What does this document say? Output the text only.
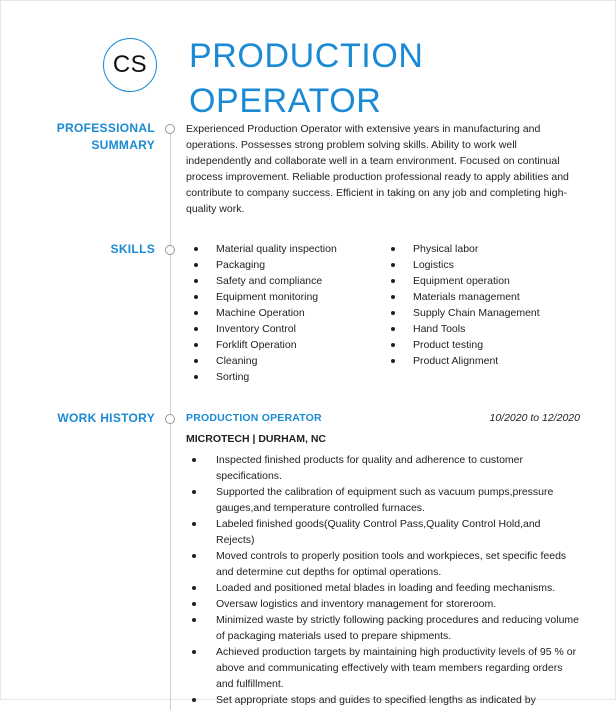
CS PRODUCTION
OPERATOR
PROFESSIONAL
SUMMARY
Experienced Production Operator with extensive years in manufacturing and operations. Possesses strong problem solving skills. Ability to work well independently and collaborate well in a team environment. Focused on continual process improvement. Reliable production professional ready to apply abilities and contribute to company success. Efficient in taking on any job and completing high-quality work.
SKILLS	Material quality inspection
Packaging
Safety and compliance
Equipment monitoring
Machine Operation
Inventory Control
Forklift Operation
Cleaning
Sorting
Physical labor
Logistics
Equipment operation
Materials management
Supply Chain Management
Hand Tools
Product testing
Product Alignment
WORK HISTORY	PRODUCTION OPERATOR	10/2020 to 12/2020
MICROTECH | DURHAM, NC
Inspected finished products for quality and adherence to customer specifications.
Supported the calibration of equipment such as vacuum pumps,pressure gauges,and temperature controlled furnaces.
Labeled finished goods(Quality Control Pass,Quality Control Hold,and Rejects)
Moved controls to properly position tools and workpieces, set specific feeds and determine cut depths for optimal operations.
Loaded and positioned metal blades in loading and feeding mechanisms.
Oversaw logistics and inventory management for storeroom.
Minimized waste by strictly following packing procedures and reducing volume of packaging materials used to prepare shipments.
Achieved production targets by maintaining high productivity levels of 95 % or above and communicating effectively with team members regarding orders and fulfillment.
Set appropriate stops and guides to specified lengths as indicated by
